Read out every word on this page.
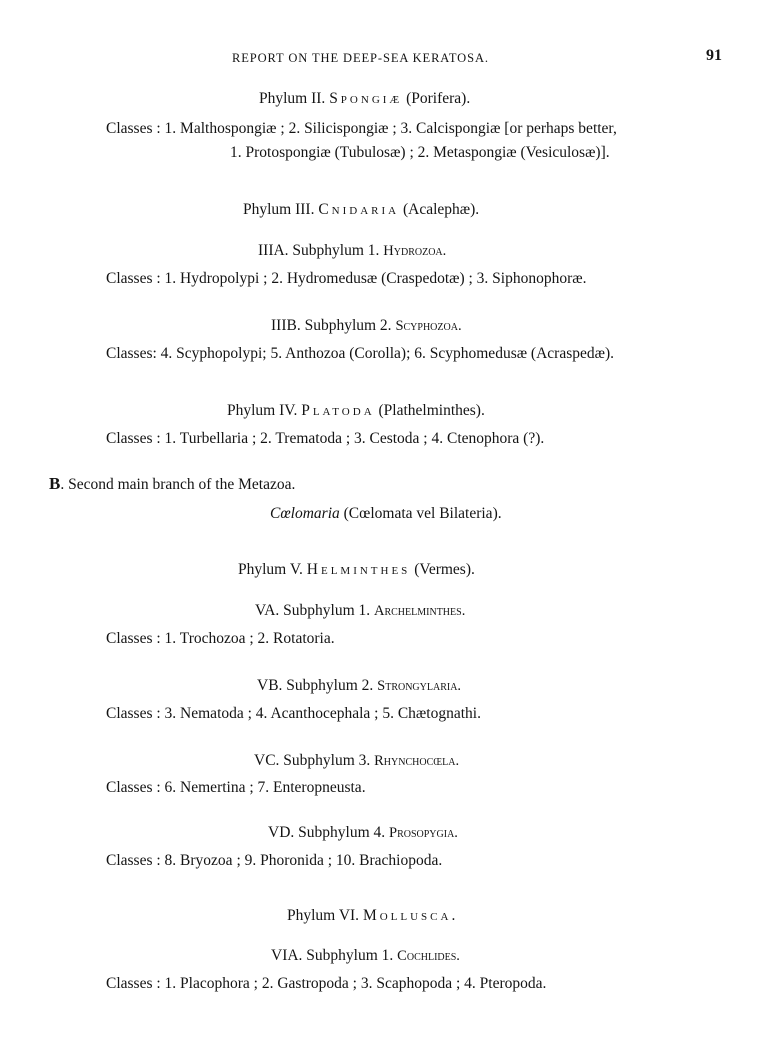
REPORT ON THE DEEP-SEA KERATOSA.	91
Phylum II. Spongiæ (Porifera).
Classes : 1. Malthospongiæ ; 2. Silicispongiæ ; 3. Calcispongiæ [or perhaps better,
1. Protospongiæ (Tubulosæ) ; 2. Metaspongiæ (Vesiculosæ)].
Phylum III. Cnidaria (Acalephæ).
IIIA. Subphylum 1. Hydrozoa.
Classes : 1. Hydropolypi ; 2. Hydromedusæ (Craspedotæ) ; 3. Siphonophoræ.
IIIB. Subphylum 2. Scyphozoa.
Classes: 4. Scyphopolypi; 5. Anthozoa (Corolla); 6. Scyphomedusæ (Acraspedæ).
Phylum IV. Platoda (Plathelminthes).
Classes : 1. Turbellaria ; 2. Trematoda ; 3. Cestoda ; 4. Ctenophora (?).
B. Second main branch of the Metazoa.
Cœlomaria (Cœlomata vel Bilateria).
Phylum V. Helminthes (Vermes).
VA. Subphylum 1. Archelminthes.
Classes : 1. Trochozoa ; 2. Rotatoria.
VB. Subphylum 2. Strongylaria.
Classes : 3. Nematoda ; 4. Acanthocephala ; 5. Chætognathi.
VC. Subphylum 3. Rhynchocœla.
Classes : 6. Nemertina ; 7. Enteropneusta.
VD. Subphylum 4. Prosopygia.
Classes : 8. Bryozoa ; 9. Phoronida ; 10. Brachiopoda.
Phylum VI. Mollusca.
VIA. Subphylum 1. Cochlides.
Classes : 1. Placophora ; 2. Gastropoda ; 3. Scaphopoda ; 4. Pteropoda.
